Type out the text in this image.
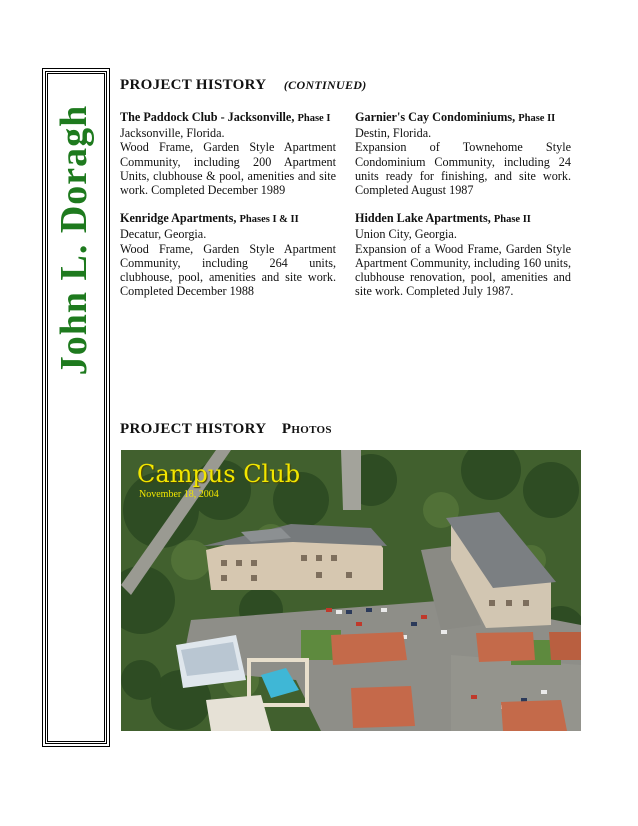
John L. Doragh
PROJECT HISTORY (CONTINUED)
The Paddock Club - Jacksonville, Phase I
Jacksonville, Florida.
Wood Frame, Garden Style Apartment Community, including 200 Apartment Units, clubhouse & pool, amenities and site work. Completed December 1989
Kenridge Apartments, Phases I & II
Decatur, Georgia.
Wood Frame, Garden Style Apartment Community, including 264 units, clubhouse, pool, amenities and site work. Completed December 1988
Garnier's Cay Condominiums, Phase II
Destin, Florida.
Expansion of Townehome Style Condominium Community, including 24 units ready for finishing, and site work. Completed August 1987
Hidden Lake Apartments, Phase II
Union City, Georgia.
Expansion of a Wood Frame, Garden Style Apartment Community, including 160 units, clubhouse renovation, pool, amenities and site work. Completed July 1987.
PROJECT HISTORY Photos
Campus Club
November 18, 2004
